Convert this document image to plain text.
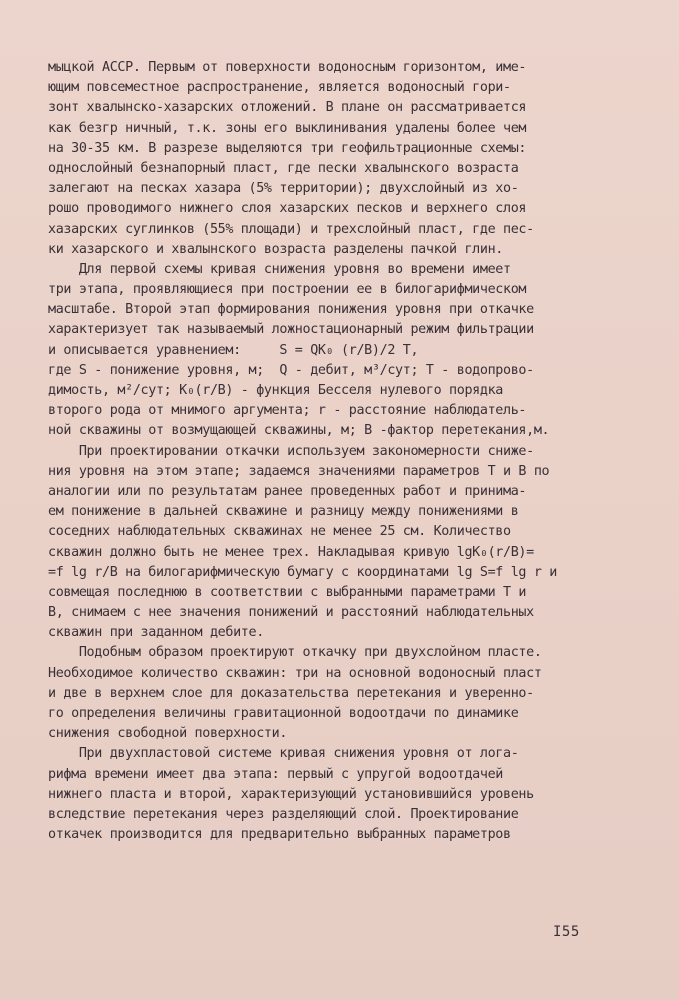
мыцкой АССР. Первым от поверхности водоносным горизонтом, име-
ющим повсеместное распространение, является водоносный гори-
зонт хвалынско-хазарских отложений. В плане он рассматривается
как безгр ничный, т.к. зоны его выклинивания удалены более чем
на 30-35 км. В разрезе выделяются три геофильтрационные схемы:
однослойный безнапорный пласт, где пески хвалынского возраста
залегают на песках хазара (5% территории); двухслойный из хо-
рошо проводимого нижнего слоя хазарских песков и верхнего слоя
хазарских суглинков (55% площади) и трехслойный пласт, где пес-
ки хазарского и хвалынского возраста разделены пачкой глин.
Для первой схемы кривая снижения уровня во времени имеет
три этапа, проявляющиеся при построении ее в билогарифмическом
масштабе. Второй этап формирования понижения уровня при откачке
характеризует так называемый ложностационарный режим фильтрации
и описывается уравнением:     S = QK₀ (r/B)/2 T,
где S - понижение уровня, м;  Q - дебит, м³/сут; T - водопрово-
димость, м²/сут; K₀(r/B) - функция Бесселя нулевого порядка
второго рода от мнимого аргумента; r - расстояние наблюдатель-
ной скважины от возмущающей скважины, м; B -фактор перетекания,м.
При проектировании откачки используем закономерности сниже-
ния уровня на этом этапе; задаемся значениями параметров T и B по
аналогии или по результатам ранее проведенных работ и принима-
ем понижение в дальней скважине и разницу между понижениями в
соседних наблюдательных скважинах не менее 25 см. Количество
скважин должно быть не менее трех. Накладывая кривую lgK₀(r/B)=
=f lg r/B на билогарифмическую бумагу с координатами lg S=f lg r и
совмещая последнюю в соответствии с выбранными параметрами T и
B, снимаем с нее значения понижений и расстояний наблюдательных
скважин при заданном дебите.
Подобным образом проектируют откачку при двухслойном пласте.
Необходимое количество скважин: три на основной водоносный пласт
и две в верхнем слое для доказательства перетекания и уверенно-
го определения величины гравитационной водоотдачи по динамике
снижения свободной поверхности.
При двухпластовой системе кривая снижения уровня от лога-
рифма времени имеет два этапа: первый с упругой водоотдачей
нижнего пласта и второй, характеризующий установившийся уровень
вследствие перетекания через разделяющий слой. Проектирование
откачек производится для предварительно выбранных параметров
I55
